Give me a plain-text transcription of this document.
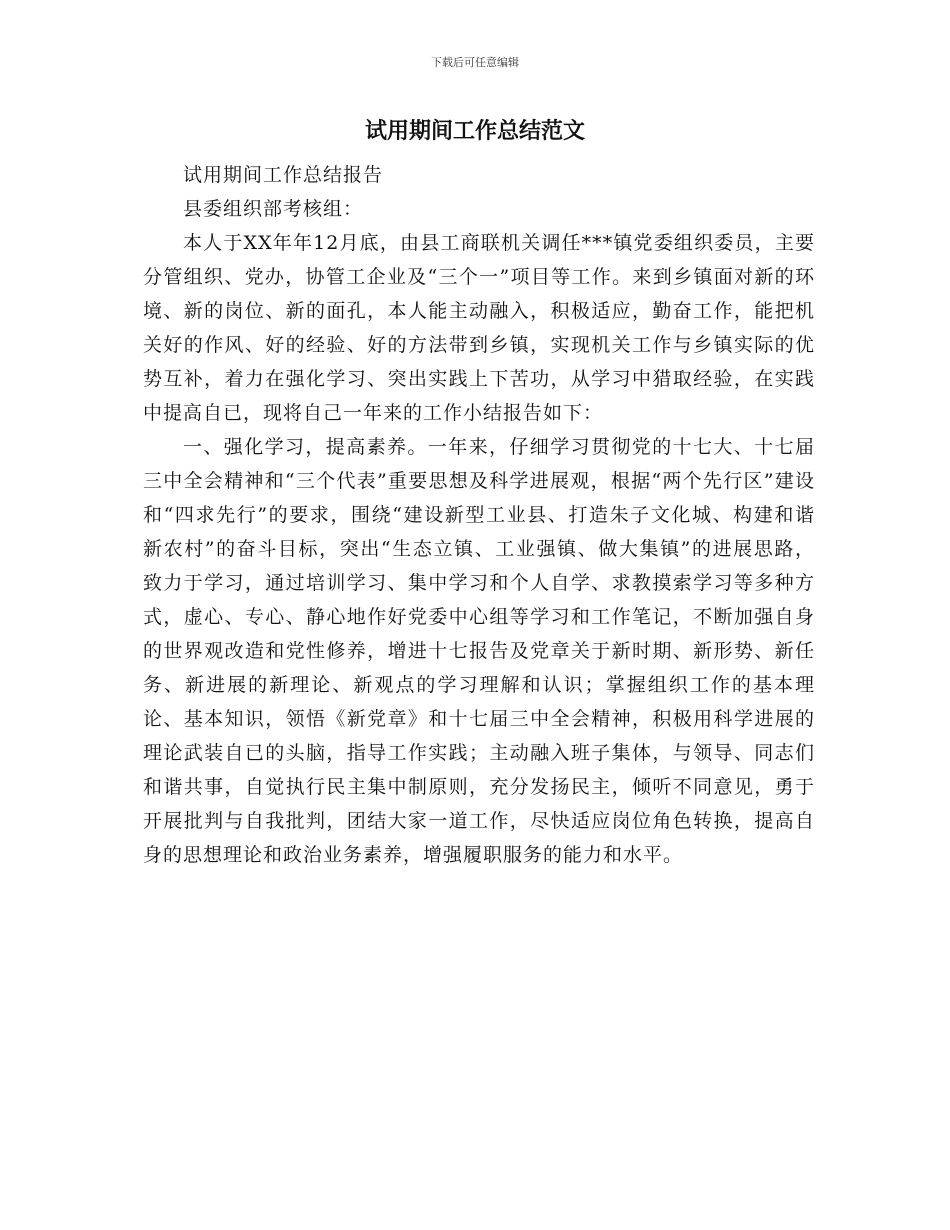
下载后可任意编辑
试用期间工作总结范文

试用期间工作总结报告

县委组织部考核组：

本人于XX年年12月底，由县工商联机关调任***镇党委组织委员，主要分管组织、党办，协管工企业及“三个一”项目等工作。来到乡镇面对新的环境、新的岗位、新的面孔，本人能主动融入，积极适应，勤奋工作，能把机关好的作风、好的经验、好的方法带到乡镇，实现机关工作与乡镇实际的优势互补，着力在强化学习、突出实践上下苦功，从学习中猎取经验，在实践中提高自已，现将自己一年来的工作小结报告如下：

一、强化学习，提高素养。一年来，仔细学习贯彻党的十七大、十七届三中全会精神和“三个代表”重要思想及科学进展观，根据“两个先行区”建设和“四求先行”的要求，围绕“建设新型工业县、打造朱子文化城、构建和谐新农村”的奋斗目标，突出“生态立镇、工业强镇、做大集镇”的进展思路，致力于学习，通过培训学习、集中学习和个人自学、求教摸索学习等多种方式，虚心、专心、静心地作好党委中心组等学习和工作笔记，不断加强自身的世界观改造和党性修养，增进十七报告及党章关于新时期、新形势、新任务、新进展的新理论、新观点的学习理解和认识；掌握组织工作的基本理论、基本知识，领悟《新党章》和十七届三中全会精神，积极用科学进展的理论武装自已的头脑，指导工作实践；主动融入班子集体，与领导、同志们和谐共事，自觉执行民主集中制原则，充分发扬民主，倾听不同意见，勇于开展批判与自我批判，团结大家一道工作，尽快适应岗位角色转换，提高自身的思想理论和政治业务素养，增强履职服务的能力和水平。
